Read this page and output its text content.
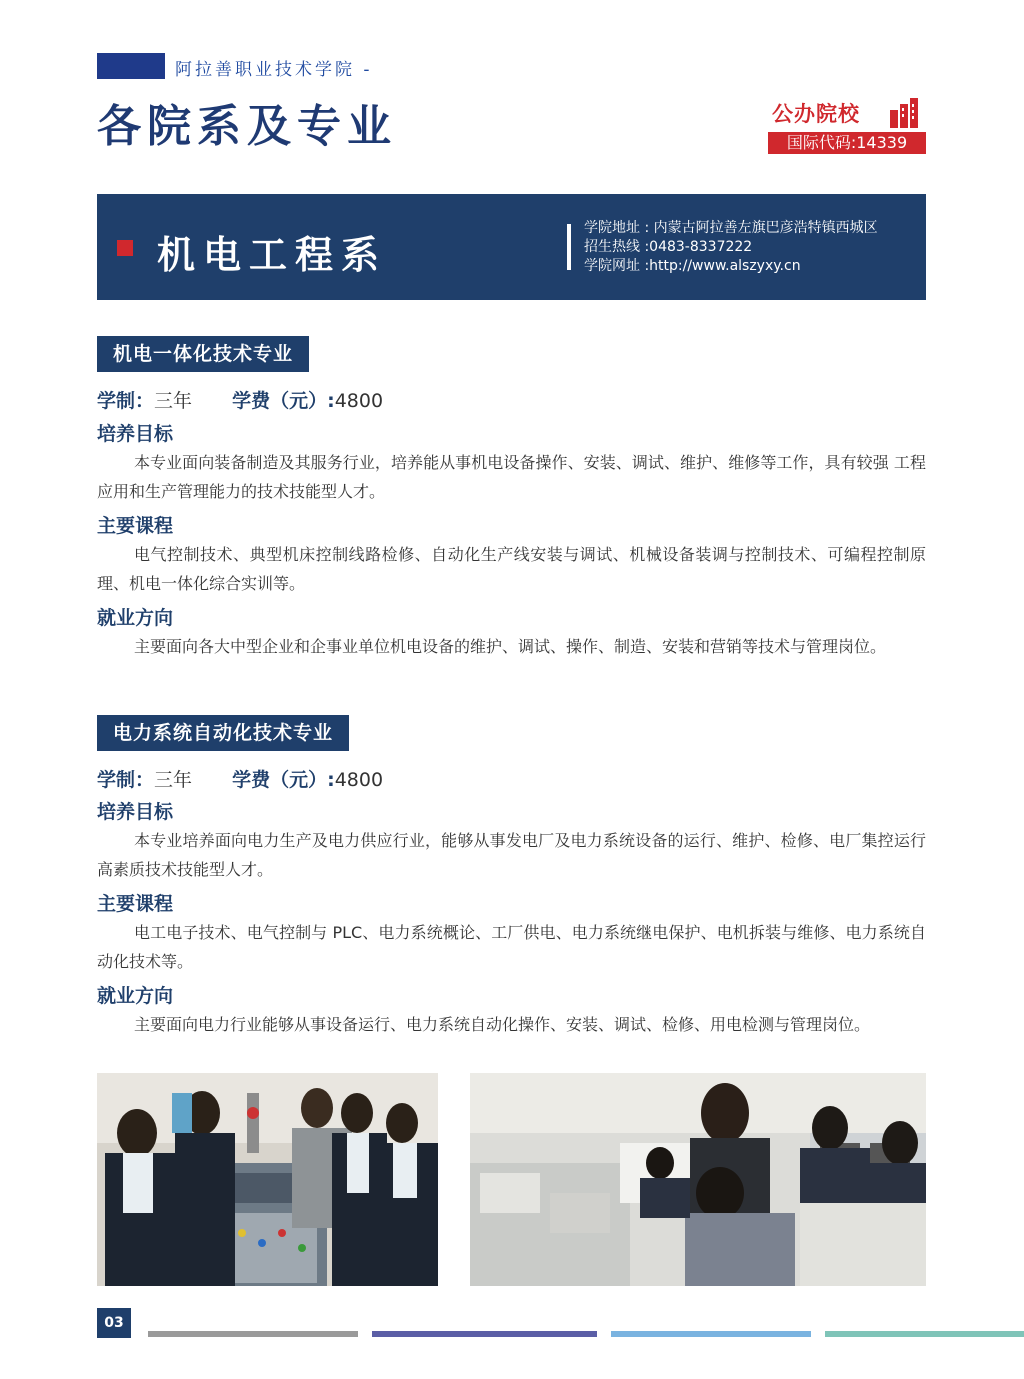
阿拉善职业技术学院 -
各院系及专业	公办院校
国际代码:14339
机电工程系
学院地址 : 内蒙古阿拉善左旗巴彦浩特镇西城区
招生热线 :0483-8337222
学院网址 :http://www.alszyxy.cn
机电一体化技术专业
学制：三年 学费（元）:4800
培养目标
本专业面向装备制造及其服务行业，培养能从事机电设备操作、安装、调试、维护、维修等工作，具有较强 工程应用和生产管理能力的技术技能型人才。
主要课程
电气控制技术、典型机床控制线路检修、自动化生产线安装与调试、机械设备装调与控制技术、可编程控制原理、机电一体化综合实训等。
就业方向
主要面向各大中型企业和企事业单位机电设备的维护、调试、操作、制造、安装和营销等技术与管理岗位。
电力系统自动化技术专业
学制：三年 学费（元）:4800
培养目标
本专业培养面向电力生产及电力供应行业，能够从事发电厂及电力系统设备的运行、维护、检修、电厂集控运行高素质技术技能型人才。
主要课程
电工电子技术、电气控制与 PLC、电力系统概论、工厂供电、电力系统继电保护、电机拆装与维修、电力系统自动化技术等。
就业方向
主要面向电力行业能够从事设备运行、电力系统自动化操作、安装、调试、检修、用电检测与管理岗位。
03
